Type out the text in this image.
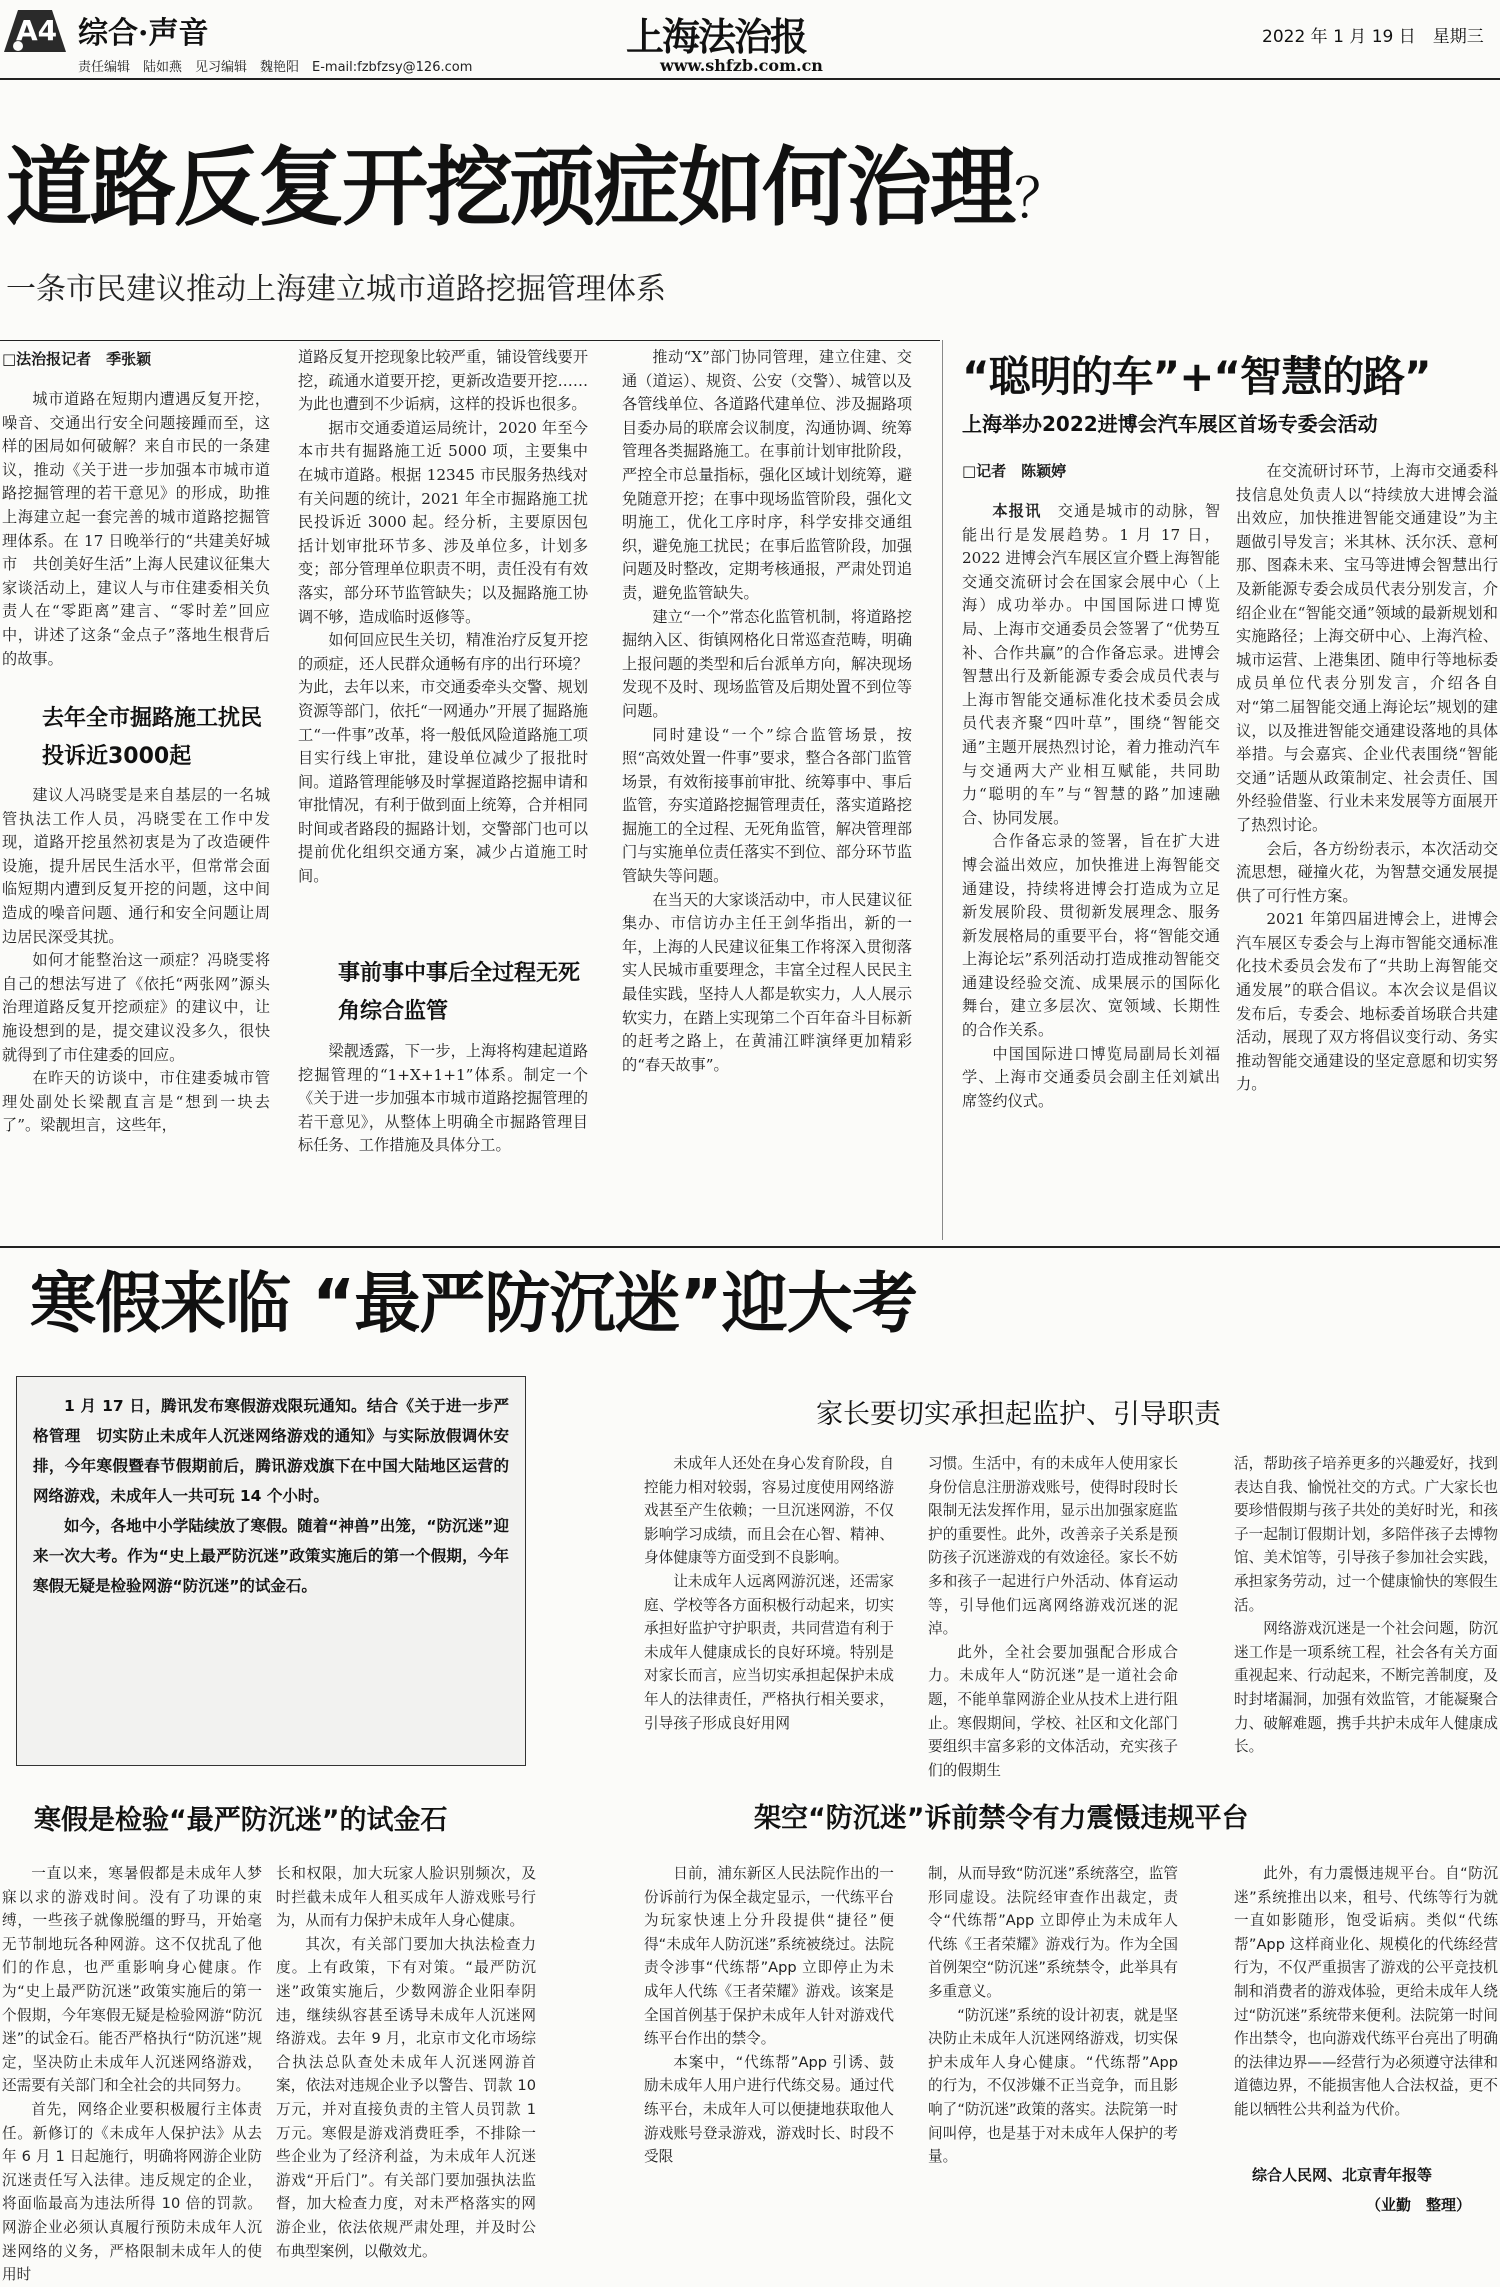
A4 综合·声音
责任编辑　陆如燕　见习编辑　魏艳阳　E-mail:fzbfzsy@126.com
上海法治报
www.shfzb.com.cn
2022 年 1 月 19 日　星期三
道路反复开挖顽症如何治理？
一条市民建议推动上海建立城市道路挖掘管理体系
□法治报记者　季张颖

城市道路在短期内遭遇反复开挖，噪音、交通出行安全问题接踵而至，这样的困局如何破解？来自市民的一条建议，推动《关于进一步加强本市城市道路挖掘管理的若干意见》的形成，助推上海建立起一套完善的城市道路挖掘管理体系。在 17 日晚举行的“共建美好城市　共创美好生活”上海人民建议征集大家谈活动上，建议人与市住建委相关负责人在“零距离”建言、“零时差”回应中，讲述了这条“金点子”落地生根背后的故事。

去年全市掘路施工扰民投诉近3000起

建议人冯晓雯是来自基层的一名城管执法工作人员，冯晓雯在工作中发现，道路开挖虽然初衷是为了改造硬件设施，提升居民生活水平，但常常会面临短期内遭到反复开挖的问题，这中间造成的噪音问题、通行和安全问题让周边居民深受其扰。

如何才能整治这一顽症？冯晓雯将自己的想法写进了《依托“两张网”源头治理道路反复开挖顽症》的建议中，让施设想到的是，提交建议没多久，很快就得到了市住建委的回应。

在昨天的访谈中，市住建委城市管理处副处长梁靓直言是“想到一块去了”。梁靓坦言，这些年，

道路反复开挖现象比较严重，铺设管线要开挖，疏通水道要开挖，更新改造要开挖……为此也遭到不少诟病，这样的投诉也很多。

据市交通委道运局统计，2020 年至今本市共有掘路施工近 5000 项，主要集中在城市道路。根据 12345 市民服务热线对有关问题的统计，2021 年全市掘路施工扰民投诉近 3000 起。经分析，主要原因包括计划审批环节多、涉及单位多，计划多变；部分管理单位职责不明，责任没有有效落实，部分环节监管缺失；以及掘路施工协调不够，造成临时返修等。

如何回应民生关切，精准治疗反复开挖的顽症，还人民群众通畅有序的出行环境？为此，去年以来，市交通委牵头交警、规划资源等部门，依托“一网通办”开展了掘路施工“一件事”改革，将一般低风险道路施工项目实行线上审批，建设单位减少了报批时间。道路管理能够及时掌握道路挖掘申请和审批情况，有利于做到面上统筹，合并相同时间或者路段的掘路计划，交警部门也可以提前优化组织交通方案，减少占道施工时间。

事前事中事后全过程无死角综合监管

梁靓透露，下一步，上海将构建起道路挖掘管理的“1+X+1+1”体系。制定一个《关于进一步加强本市城市道路挖掘管理的若干意见》，从整体上明确全市掘路管理目标任务、工作措施及具体分工。

推动“X”部门协同管理，建立住建、交通（道运）、规资、公安（交警）、城管以及各管线单位、各道路代建单位、涉及掘路项目委办局的联席会议制度，沟通协调、统筹管理各类掘路施工。在事前计划审批阶段，严控全市总量指标，强化区域计划统筹，避免随意开挖；在事中现场监管阶段，强化文明施工，优化工序时序，科学安排交通组织，避免施工扰民；在事后监管阶段，加强问题及时整改，定期考核通报，严肃处罚追责，避免监管缺失。

建立“一个”常态化监管机制，将道路挖掘纳入区、街镇网格化日常巡查范畴，明确上报问题的类型和后台派单方向，解决现场发现不及时、现场监管及后期处置不到位等问题。

同时建设“一个”综合监管场景，按照“高效处置一件事”要求，整合各部门监管场景，有效衔接事前审批、统筹事中、事后监管，夯实道路挖掘管理责任，落实道路挖掘施工的全过程、无死角监管，解决管理部门与实施单位责任落实不到位、部分环节监管缺失等问题。

在当天的大家谈活动中，市人民建议征集办、市信访办主任王剑华指出，新的一年，上海的人民建议征集工作将深入贯彻落实人民城市重要理念，丰富全过程人民民主最佳实践，坚持人人都是软实力，人人展示软实力，在踏上实现第二个百年奋斗目标新的赶考之路上，在黄浦江畔演绎更加精彩的“春天故事”。

“聪明的车”+“智慧的路”
上海举办2022进博会汽车展区首场专委会活动
□记者　陈颖婷

本报讯　 交通是城市的动脉，智能出行是发展趋势。1 月 17 日，2022 进博会汽车展区宣介暨上海智能交通交流研讨会在国家会展中心（上海）成功举办。中国国际进口博览局、上海市交通委员会签署了“优势互补、合作共赢”的合作备忘录。进博会智慧出行及新能源专委会成员代表与上海市智能交通标准化技术委员会成员代表齐聚“四叶草”，围绕“智能交通”主题开展热烈讨论，着力推动汽车与交通两大产业相互赋能，共同助力“聪明的车”与“智慧的路”加速融合、协同发展。

合作备忘录的签署，旨在扩大进博会溢出效应，加快推进上海智能交通建设，持续将进博会打造成为立足新发展阶段、贯彻新发展理念、服务新发展格局的重要平台，将“智能交通上海论坛”系列活动打造成推动智能交通建设经验交流、成果展示的国际化舞台，建立多层次、宽领域、长期性的合作关系。

中国国际进口博览局副局长刘福学、上海市交通委员会副主任刘斌出席签约仪式。

在交流研讨环节，上海市交通委科技信息处负责人以“持续放大进博会溢出效应，加快推进智能交通建设”为主题做引导发言；米其林、沃尔沃、意柯那、图森未来、宝马等进博会智慧出行及新能源专委会成员代表分别发言，介绍企业在“智能交通”领域的最新规划和实施路径；上海交研中心、上海汽检、城市运营、上港集团、随申行等地标委成员单位代表分别发言，介绍各自对“第二届智能交通上海论坛”规划的建议，以及推进智能交通建设落地的具体举措。与会嘉宾、企业代表围绕“智能交通”话题从政策制定、社会责任、国外经验借鉴、行业未来发展等方面展开了热烈讨论。

会后，各方纷纷表示，本次活动交流思想，碰撞火花，为智慧交通发展提供了可行性方案。

2021 年第四届进博会上，进博会汽车展区专委会与上海市智能交通标准化技术委员会发布了“共助上海智能交通发展”的联合倡议。本次会议是倡议发布后，专委会、地标委首场联合共建活动，展现了双方将倡议变行动、务实推动智能交通建设的坚定意愿和切实努力。

寒假来临 “最严防沉迷”迎大考

1 月 17 日，腾讯发布寒假游戏限玩通知。结合《关于进一步严格管理　切实防止未成年人沉迷网络游戏的通知》与实际放假调休安排，今年寒假暨春节假期前后，腾讯游戏旗下在中国大陆地区运营的网络游戏，未成年人一共可玩 14 个小时。

如今，各地中小学陆续放了寒假。随着“神兽”出笼，“防沉迷”迎来一次大考。作为“史上最严防沉迷”政策实施后的第一个假期，今年寒假无疑是检验网游“防沉迷”的试金石。

寒假是检验“最严防沉迷”的试金石

一直以来，寒暑假都是未成年人梦寐以求的游戏时间。没有了功课的束缚，一些孩子就像脱缰的野马，开始毫无节制地玩各种网游。这不仅扰乱了他们的作息，也严重影响身心健康。作为“史上最严防沉迷”政策实施后的第一个假期，今年寒假无疑是检验网游“防沉迷”的试金石。能否严格执行“防沉迷”规定，坚决防止未成年人沉迷网络游戏，还需要有关部门和全社会的共同努力。

首先，网络企业要积极履行主体责任。新修订的《未成年人保护法》从去年 6 月 1 日起施行，明确将网游企业防沉迷责任写入法律。违反规定的企业，将面临最高为违法所得 10 倍的罚款。网游企业必须认真履行预防未成年人沉迷网络的义务，严格限制未成年人的使用时

长和权限，加大玩家人脸识别频次，及时拦截未成年人租买成年人游戏账号行为，从而有力保护未成年人身心健康。

其次，有关部门要加大执法检查力度。上有政策，下有对策。“最严防沉迷”政策实施后，少数网游企业阳奉阴违，继续纵容甚至诱导未成年人沉迷网络游戏。去年 9 月，北京市文化市场综合执法总队查处未成年人沉迷网游首案，依法对违规企业予以警告、罚款 10 万元，并对直接负责的主管人员罚款 1 万元。寒假是游戏消费旺季，不排除一些企业为了经济利益，为未成年人沉迷游戏“开后门”。有关部门要加强执法监督，加大检查力度，对未严格落实的网游企业，依法依规严肃处理，并及时公布典型案例，以儆效尤。

家长要切实承担起监护、引导职责

未成年人还处在身心发育阶段，自控能力相对较弱，容易过度使用网络游戏甚至产生依赖；一旦沉迷网游，不仅影响学习成绩，而且会在心智、精神、身体健康等方面受到不良影响。

让未成年人远离网游沉迷，还需家庭、学校等各方面积极行动起来，切实承担好监护守护职责，共同营造有利于未成年人健康成长的良好环境。特别是对家长而言，应当切实承担起保护未成年人的法律责任，严格执行相关要求，引导孩子形成良好用网

习惯。生活中，有的未成年人使用家长身份信息注册游戏账号，使得时段时长限制无法发挥作用，显示出加强家庭监护的重要性。此外，改善亲子关系是预防孩子沉迷游戏的有效途径。家长不妨多和孩子一起进行户外活动、体育运动等，引导他们远离网络游戏沉迷的泥淖。

此外，全社会要加强配合形成合力。未成年人“防沉迷”是一道社会命题，不能单靠网游企业从技术上进行阻止。寒假期间，学校、社区和文化部门要组织丰富多彩的文体活动，充实孩子们的假期生

活，帮助孩子培养更多的兴趣爱好，找到表达自我、愉悦社交的方式。广大家长也要珍惜假期与孩子共处的美好时光，和孩子一起制订假期计划，多陪伴孩子去博物馆、美术馆等，引导孩子参加社会实践，承担家务劳动，过一个健康愉快的寒假生活。

网络游戏沉迷是一个社会问题，防沉迷工作是一项系统工程，社会各有关方面重视起来、行动起来，不断完善制度，及时封堵漏洞，加强有效监管，才能凝聚合力、破解难题，携手共护未成年人健康成长。

架空“防沉迷”诉前禁令有力震慑违规平台

日前，浦东新区人民法院作出的一份诉前行为保全裁定显示，一代练平台为玩家快速上分升段提供“捷径”便得“未成年人防沉迷”系统被绕过。法院责令涉事“代练帮”App 立即停止为未成年人代练《王者荣耀》游戏。该案是全国首例基于保护未成年人针对游戏代练平台作出的禁令。

本案中，“代练帮”App 引诱、鼓励未成年人用户进行代练交易。通过代练平台，未成年人可以便捷地获取他人游戏账号登录游戏，游戏时长、时段不受限

制，从而导致“防沉迷”系统落空，监管形同虚设。法院经审查作出裁定，责令“代练帮”App 立即停止为未成年人代练《王者荣耀》游戏行为。作为全国首例架空“防沉迷”系统禁令，此举具有多重意义。

“防沉迷”系统的设计初衷，就是坚决防止未成年人沉迷网络游戏，切实保护未成年人身心健康。“代练帮”App 的行为，不仅涉嫌不正当竞争，而且影响了“防沉迷”政策的落实。法院第一时间叫停，也是基于对未成年人保护的考量。

此外，有力震慑违规平台。自“防沉迷”系统推出以来，租号、代练等行为就一直如影随形，饱受诟病。类似“代练帮”App 这样商业化、规模化的代练经营行为，不仅严重损害了游戏的公平竞技机制和消费者的游戏体验，更给未成年人绕过“防沉迷”系统带来便利。法院第一时间作出禁令，也向游戏代练平台亮出了明确的法律边界——经营行为必须遵守法律和道德边界，不能损害他人合法权益，更不能以牺牲公共利益为代价。

综合人民网、北京青年报等
（业勤　整理）
